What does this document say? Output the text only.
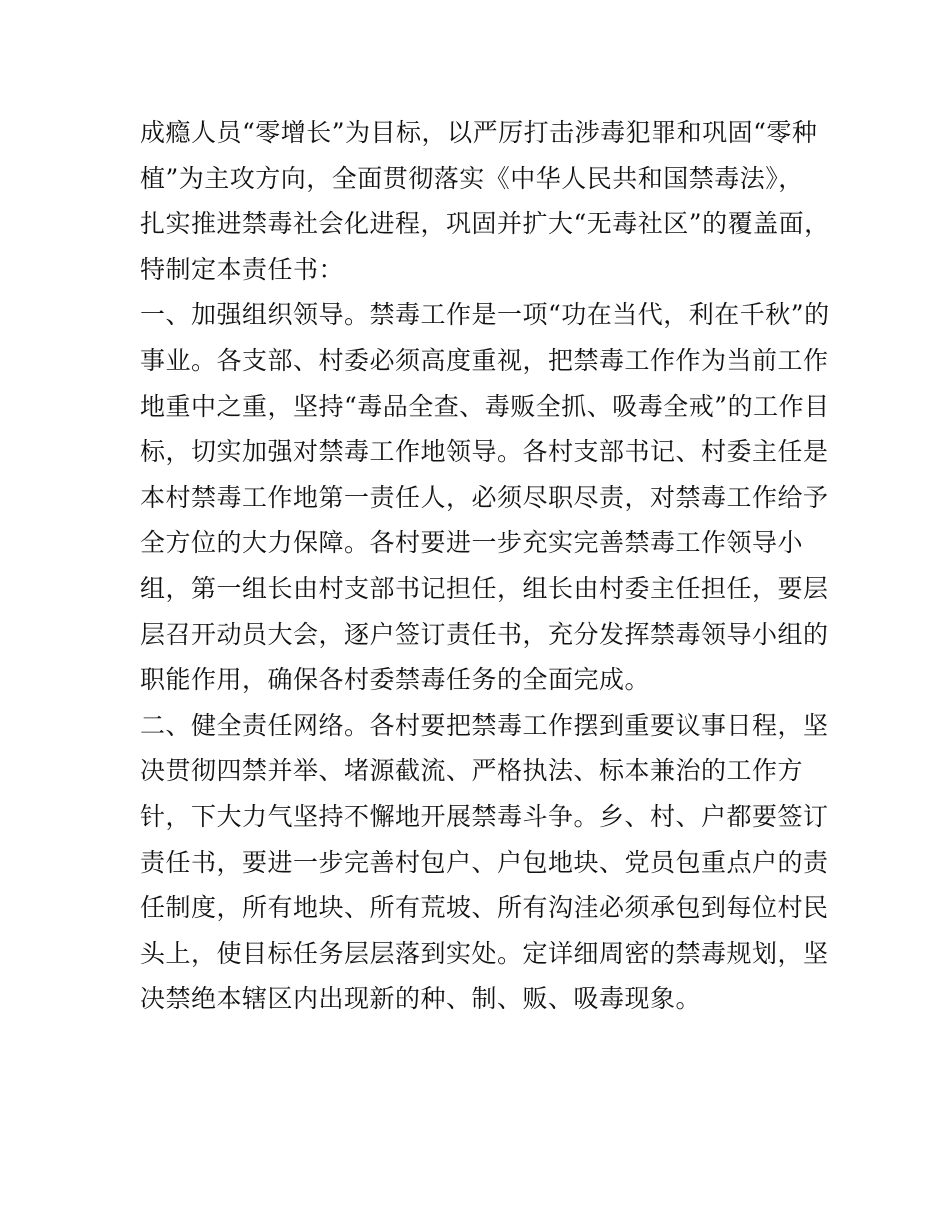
成瘾人员“零增长”为目标，以严厉打击涉毒犯罪和巩固“零种
植”为主攻方向，全面贯彻落实《中华人民共和国禁毒法》，
扎实推进禁毒社会化进程，巩固并扩大“无毒社区”的覆盖面，
特制定本责任书：
一、加强组织领导。禁毒工作是一项“功在当代，利在千秋”的
事业。各支部、村委必须高度重视，把禁毒工作作为当前工作
地重中之重，坚持“毒品全查、毒贩全抓、吸毒全戒”的工作目
标，切实加强对禁毒工作地领导。各村支部书记、村委主任是
本村禁毒工作地第一责任人，必须尽职尽责，对禁毒工作给予
全方位的大力保障。各村要进一步充实完善禁毒工作领导小
组，第一组长由村支部书记担任，组长由村委主任担任，要层
层召开动员大会，逐户签订责任书，充分发挥禁毒领导小组的
职能作用，确保各村委禁毒任务的全面完成。
二、健全责任网络。各村要把禁毒工作摆到重要议事日程，坚
决贯彻四禁并举、堵源截流、严格执法、标本兼治的工作方
针，下大力气坚持不懈地开展禁毒斗争。乡、村、户都要签订
责任书，要进一步完善村包户、户包地块、党员包重点户的责
任制度，所有地块、所有荒坡、所有沟洼必须承包到每位村民
头上，使目标任务层层落到实处。定详细周密的禁毒规划，坚
决禁绝本辖区内出现新的种、制、贩、吸毒现象。
